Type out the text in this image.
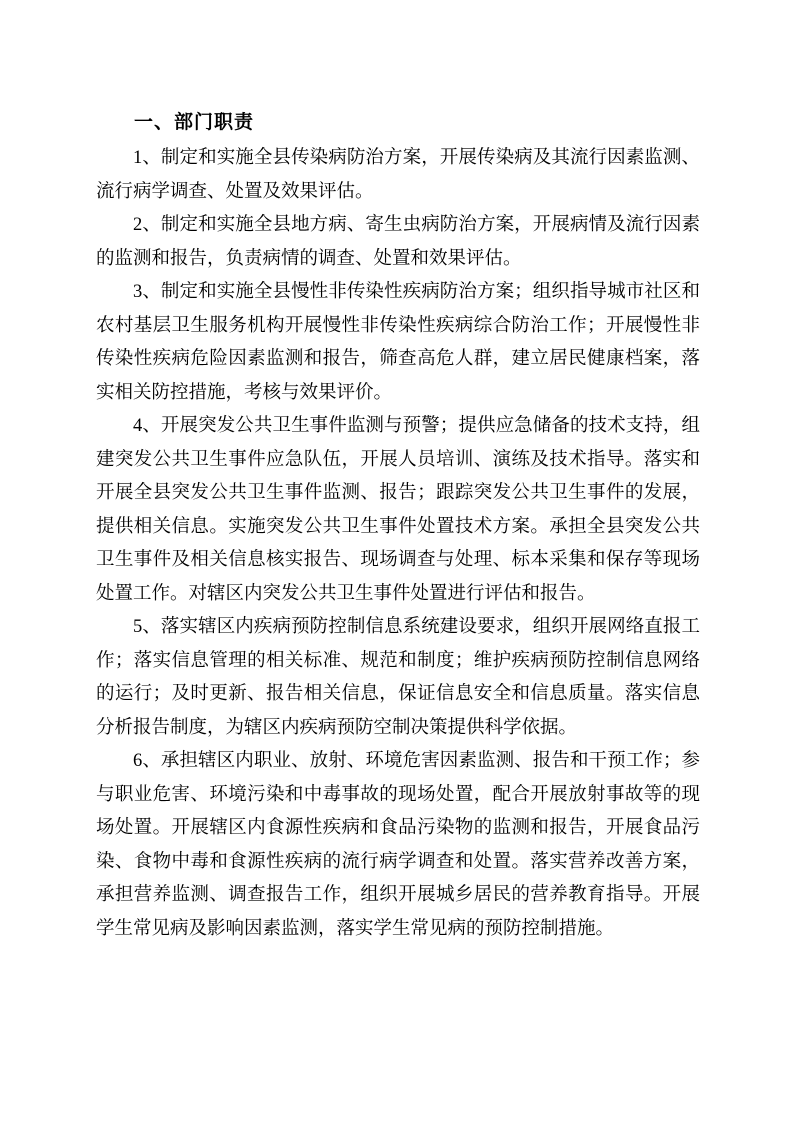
一、部门职责

1、制定和实施全县传染病防治方案，开展传染病及其流行因素监测、流行病学调查、处置及效果评估。

2、制定和实施全县地方病、寄生虫病防治方案，开展病情及流行因素的监测和报告，负责病情的调查、处置和效果评估。

3、制定和实施全县慢性非传染性疾病防治方案；组织指导城市社区和农村基层卫生服务机构开展慢性非传染性疾病综合防治工作；开展慢性非传染性疾病危险因素监测和报告，筛查高危人群，建立居民健康档案，落实相关防控措施，考核与效果评价。

4、开展突发公共卫生事件监测与预警；提供应急储备的技术支持，组建突发公共卫生事件应急队伍，开展人员培训、演练及技术指导。落实和开展全县突发公共卫生事件监测、报告；跟踪突发公共卫生事件的发展，提供相关信息。实施突发公共卫生事件处置技术方案。承担全县突发公共卫生事件及相关信息核实报告、现场调查与处理、标本采集和保存等现场处置工作。对辖区内突发公共卫生事件处置进行评估和报告。

5、落实辖区内疾病预防控制信息系统建设要求，组织开展网络直报工作；落实信息管理的相关标准、规范和制度；维护疾病预防控制信息网络的运行；及时更新、报告相关信息，保证信息安全和信息质量。落实信息分析报告制度，为辖区内疾病预防空制决策提供科学依据。

6、承担辖区内职业、放射、环境危害因素监测、报告和干预工作；参与职业危害、环境污染和中毒事故的现场处置，配合开展放射事故等的现场处置。开展辖区内食源性疾病和食品污染物的监测和报告，开展食品污染、食物中毒和食源性疾病的流行病学调查和处置。落实营养改善方案，承担营养监测、调查报告工作，组织开展城乡居民的营养教育指导。开展学生常见病及影响因素监测，落实学生常见病的预防控制措施。
